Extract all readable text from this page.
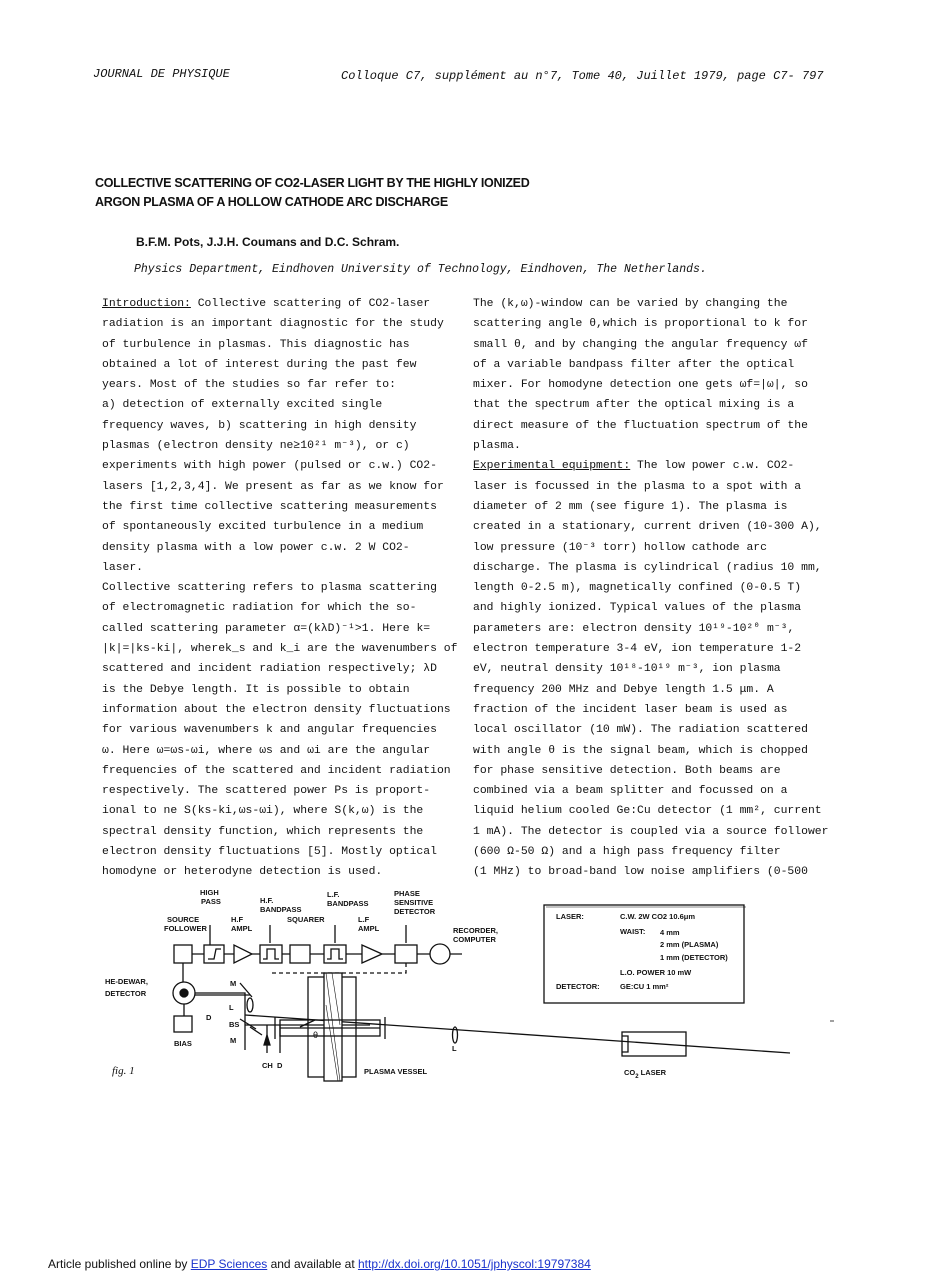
JOURNAL DE PHYSIQUE	Colloque C7, supplément au n°7, Tome 40, Juillet 1979, page C7- 797
COLLECTIVE SCATTERING OF CO2-LASER LIGHT BY THE HIGHLY IONIZED
ARGON PLASMA OF A HOLLOW CATHODE ARC DISCHARGE
B.F.M. Pots, J.J.H. Coumans and D.C. Schram.
Physics Department, Eindhoven University of Technology, Eindhoven, The Netherlands.
Introduction: Collective scattering of CO2-laser
radiation is an important diagnostic for the study
of turbulence in plasmas. This diagnostic has
obtained a lot of interest during the past few
years. Most of the studies so far refer to:
a) detection of externally excited single
frequency waves, b) scattering in high density
plasmas (electron density ne≥10²¹ m⁻³), or c)
experiments with high power (pulsed or c.w.) CO2-
lasers [1,2,3,4]. We present as far as we know for
the first time collective scattering measurements
of spontaneously excited turbulence in a medium
density plasma with a low power c.w. 2 W CO2-
laser.
Collective scattering refers to plasma scattering
of electromagnetic radiation for which the so-
called scattering parameter α=(kλD)⁻¹>1. Here k=
|k|=|ks-ki|, wherek_s and k_i are the wavenumbers of
scattered and incident radiation respectively; λD
is the Debye length. It is possible to obtain
information about the electron density fluctuations
for various wavenumbers k and angular frequencies
ω. Here ω=ωs-ωi, where ωs and ωi are the angular
frequencies of the scattered and incident radiation
respectively. The scattered power Ps is proport-
ional to ne S(ks-ki,ωs-ωi), where S(k,ω) is the
spectral density function, which represents the
electron density fluctuations [5]. Mostly optical
homodyne or heterodyne detection is used.
The (k,ω)-window can be varied by changing the
scattering angle θ,which is proportional to k for
small θ, and by changing the angular frequency ωf
of a variable bandpass filter after the optical
mixer. For homodyne detection one gets ωf=|ω|, so
that the spectrum after the optical mixing is a
direct measure of the fluctuation spectrum of the
plasma.
Experimental equipment: The low power c.w. CO2-
laser is focussed in the plasma to a spot with a
diameter of 2 mm (see figure 1). The plasma is
created in a stationary, current driven (10-300 A),
low pressure (10⁻³ torr) hollow cathode arc
discharge. The plasma is cylindrical (radius 10 mm,
length 0-2.5 m), magnetically confined (0-0.5 T)
and highly ionized. Typical values of the plasma
parameters are: electron density 10¹⁹-10²⁰ m⁻³,
electron temperature 3-4 eV, ion temperature 1-2
eV, neutral density 10¹⁸-10¹⁹ m⁻³, ion plasma
frequency 200 MHz and Debye length 1.5 μm. A
fraction of the incident laser beam is used as
local oscillator (10 mW). The radiation scattered
with angle θ is the signal beam, which is chopped
for phase sensitive detection. Both beams are
combined via a beam splitter and focussed on a
liquid helium cooled Ge:Cu detector (1 mm², current
1 mA). The detector is coupled via a source follower
(600 Ω-50 Ω) and a high pass frequency filter
(1 MHz) to broad-band low noise amplifiers (0-500
HIGH PASS	H.F. BANDPASS
L.F. BANDPASS
PHASE SENSITIVE DETECTOR
SOURCE FOLLOWER
H.F AMPL
SQUARER	L.F AMPL	RECORDER, COMPUTER
HE-DEWAR, DETECTOR
BIAS
M
L
D
BS
M
CH D
θ
L
PLASMA VESSEL	$CO_2$ LASER
LASER:	C.W. 2W CO2 10.6μm
WAIST: 4 mm
2 mm (PLASMA)
1 mm (DETECTOR)
L.O. POWER 10 mW
DETECTOR:	GE:CU 1 mm²
fig. 1
Article published online by EDP Sciences and available at http://dx.doi.org/10.1051/jphyscol:19797384
